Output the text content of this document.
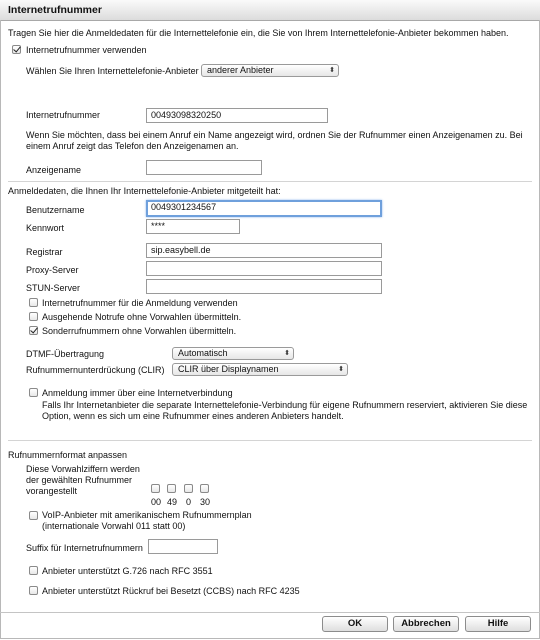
Internetrufnummer
Tragen Sie hier die Anmeldedaten für die Internettelefonie ein, die Sie von Ihrem Internettelefonie-Anbieter bekommen haben.
Internetrufnummer verwenden
Wählen Sie Ihren Internettelefonie-Anbieter anderer Anbieter	⬍
Internetrufnummer	00493098320250
Wenn Sie möchten, dass bei einem Anruf ein Name angezeigt wird, ordnen Sie der Rufnummer einen Anzeigenamen zu. Bei einem Anruf zeigt das Telefon den Anzeigenamen an.
Anzeigename
Anmeldedaten, die Ihnen Ihr Internettelefonie-Anbieter mitgeteilt hat:
Benutzername	0049301234567
Kennwort	****
Registrar	sip.easybell.de
Proxy-Server
STUN-Server
Internetrufnummer für die Anmeldung verwenden
Ausgehende Notrufe ohne Vorwahlen übermitteln.
Sonderrufnummern ohne Vorwahlen übermitteln.
DTMF-Übertragung	Automatisch	⬍
Rufnummernunterdrückung (CLIR)	CLIR über Displaynamen	⬍
Anmeldung immer über eine Internetverbindung
Falls Ihr Internetanbieter die separate Internettelefonie-Verbindung für eigene Rufnummern reserviert, aktivieren Sie diese Option, wenn es sich um eine Rufnummer eines anderen Anbieters handelt.
Rufnummernformat anpassen
Diese Vorwahlziffern werden
der gewählten Rufnummer
vorangestellt
00 49 0 30
VoIP-Anbieter mit amerikanischem Rufnummernplan
(internationale Vorwahl 011 statt 00)
Suffix für Internetrufnummern
Anbieter unterstützt G.726 nach RFC 3551
Anbieter unterstützt Rückruf bei Besetzt (CCBS) nach RFC 4235
OK	Abbrechen	Hilfe
